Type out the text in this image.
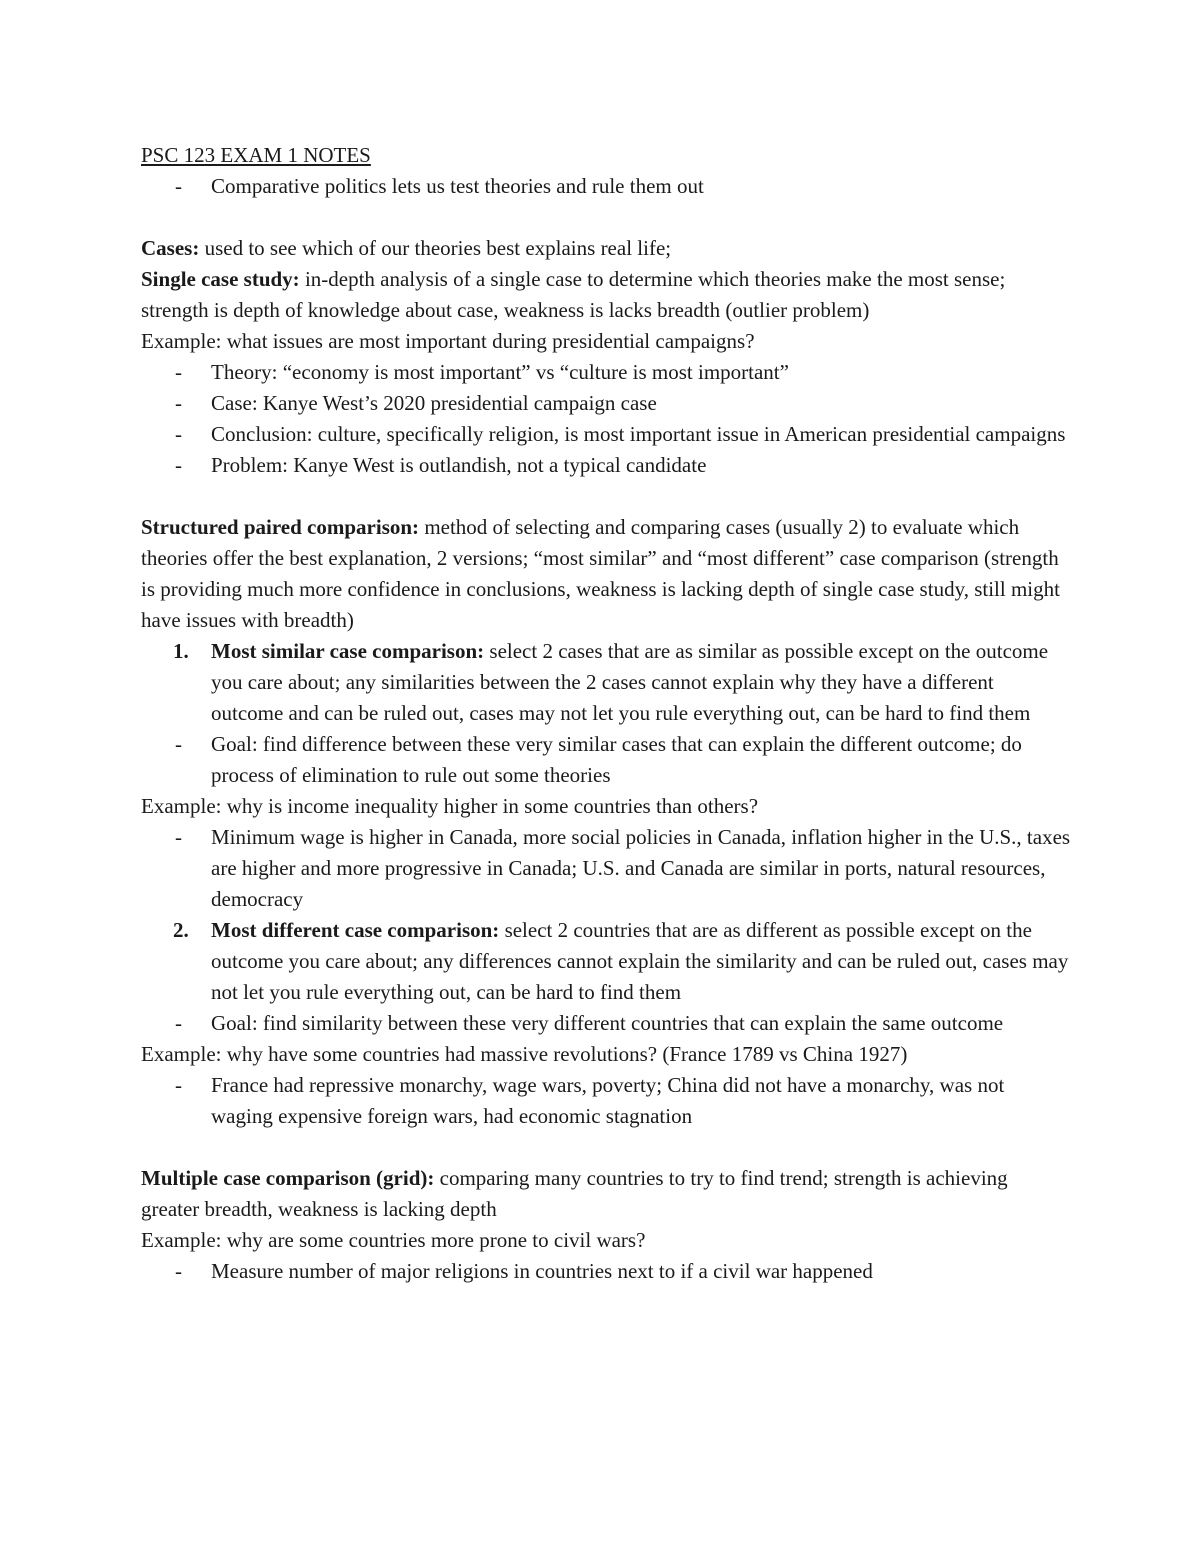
PSC 123 EXAM 1 NOTES

- Comparative politics lets us test theories and rule them out

Cases: used to see which of our theories best explains real life;

Single case study: in-depth analysis of a single case to determine which theories make the most sense; strength is depth of knowledge about case, weakness is lacks breadth (outlier problem)

Example: what issues are most important during presidential campaigns?

- Theory: “economy is most important” vs “culture is most important”
- Case: Kanye West’s 2020 presidential campaign case
- Conclusion: culture, specifically religion, is most important issue in American presidential campaigns
- Problem: Kanye West is outlandish, not a typical candidate

Structured paired comparison: method of selecting and comparing cases (usually 2) to evaluate which theories offer the best explanation, 2 versions; “most similar” and “most different” case comparison (strength is providing much more confidence in conclusions, weakness is lacking depth of single case study, still might have issues with breadth)

1. Most similar case comparison: select 2 cases that are as similar as possible except on the outcome you care about; any similarities between the 2 cases cannot explain why they have a different outcome and can be ruled out, cases may not let you rule everything out, can be hard to find them
- Goal: find difference between these very similar cases that can explain the different outcome; do process of elimination to rule out some theories

Example: why is income inequality higher in some countries than others?

- Minimum wage is higher in Canada, more social policies in Canada, inflation higher in the U.S., taxes are higher and more progressive in Canada; U.S. and Canada are similar in ports, natural resources, democracy
2. Most different case comparison: select 2 countries that are as different as possible except on the outcome you care about; any differences cannot explain the similarity and can be ruled out, cases may not let you rule everything out, can be hard to find them
- Goal: find similarity between these very different countries that can explain the same outcome

Example: why have some countries had massive revolutions? (France 1789 vs China 1927)

- France had repressive monarchy, wage wars, poverty; China did not have a monarchy, was not waging expensive foreign wars, had economic stagnation

Multiple case comparison (grid): comparing many countries to try to find trend; strength is achieving greater breadth, weakness is lacking depth

Example: why are some countries more prone to civil wars?

- Measure number of major religions in countries next to if a civil war happened
